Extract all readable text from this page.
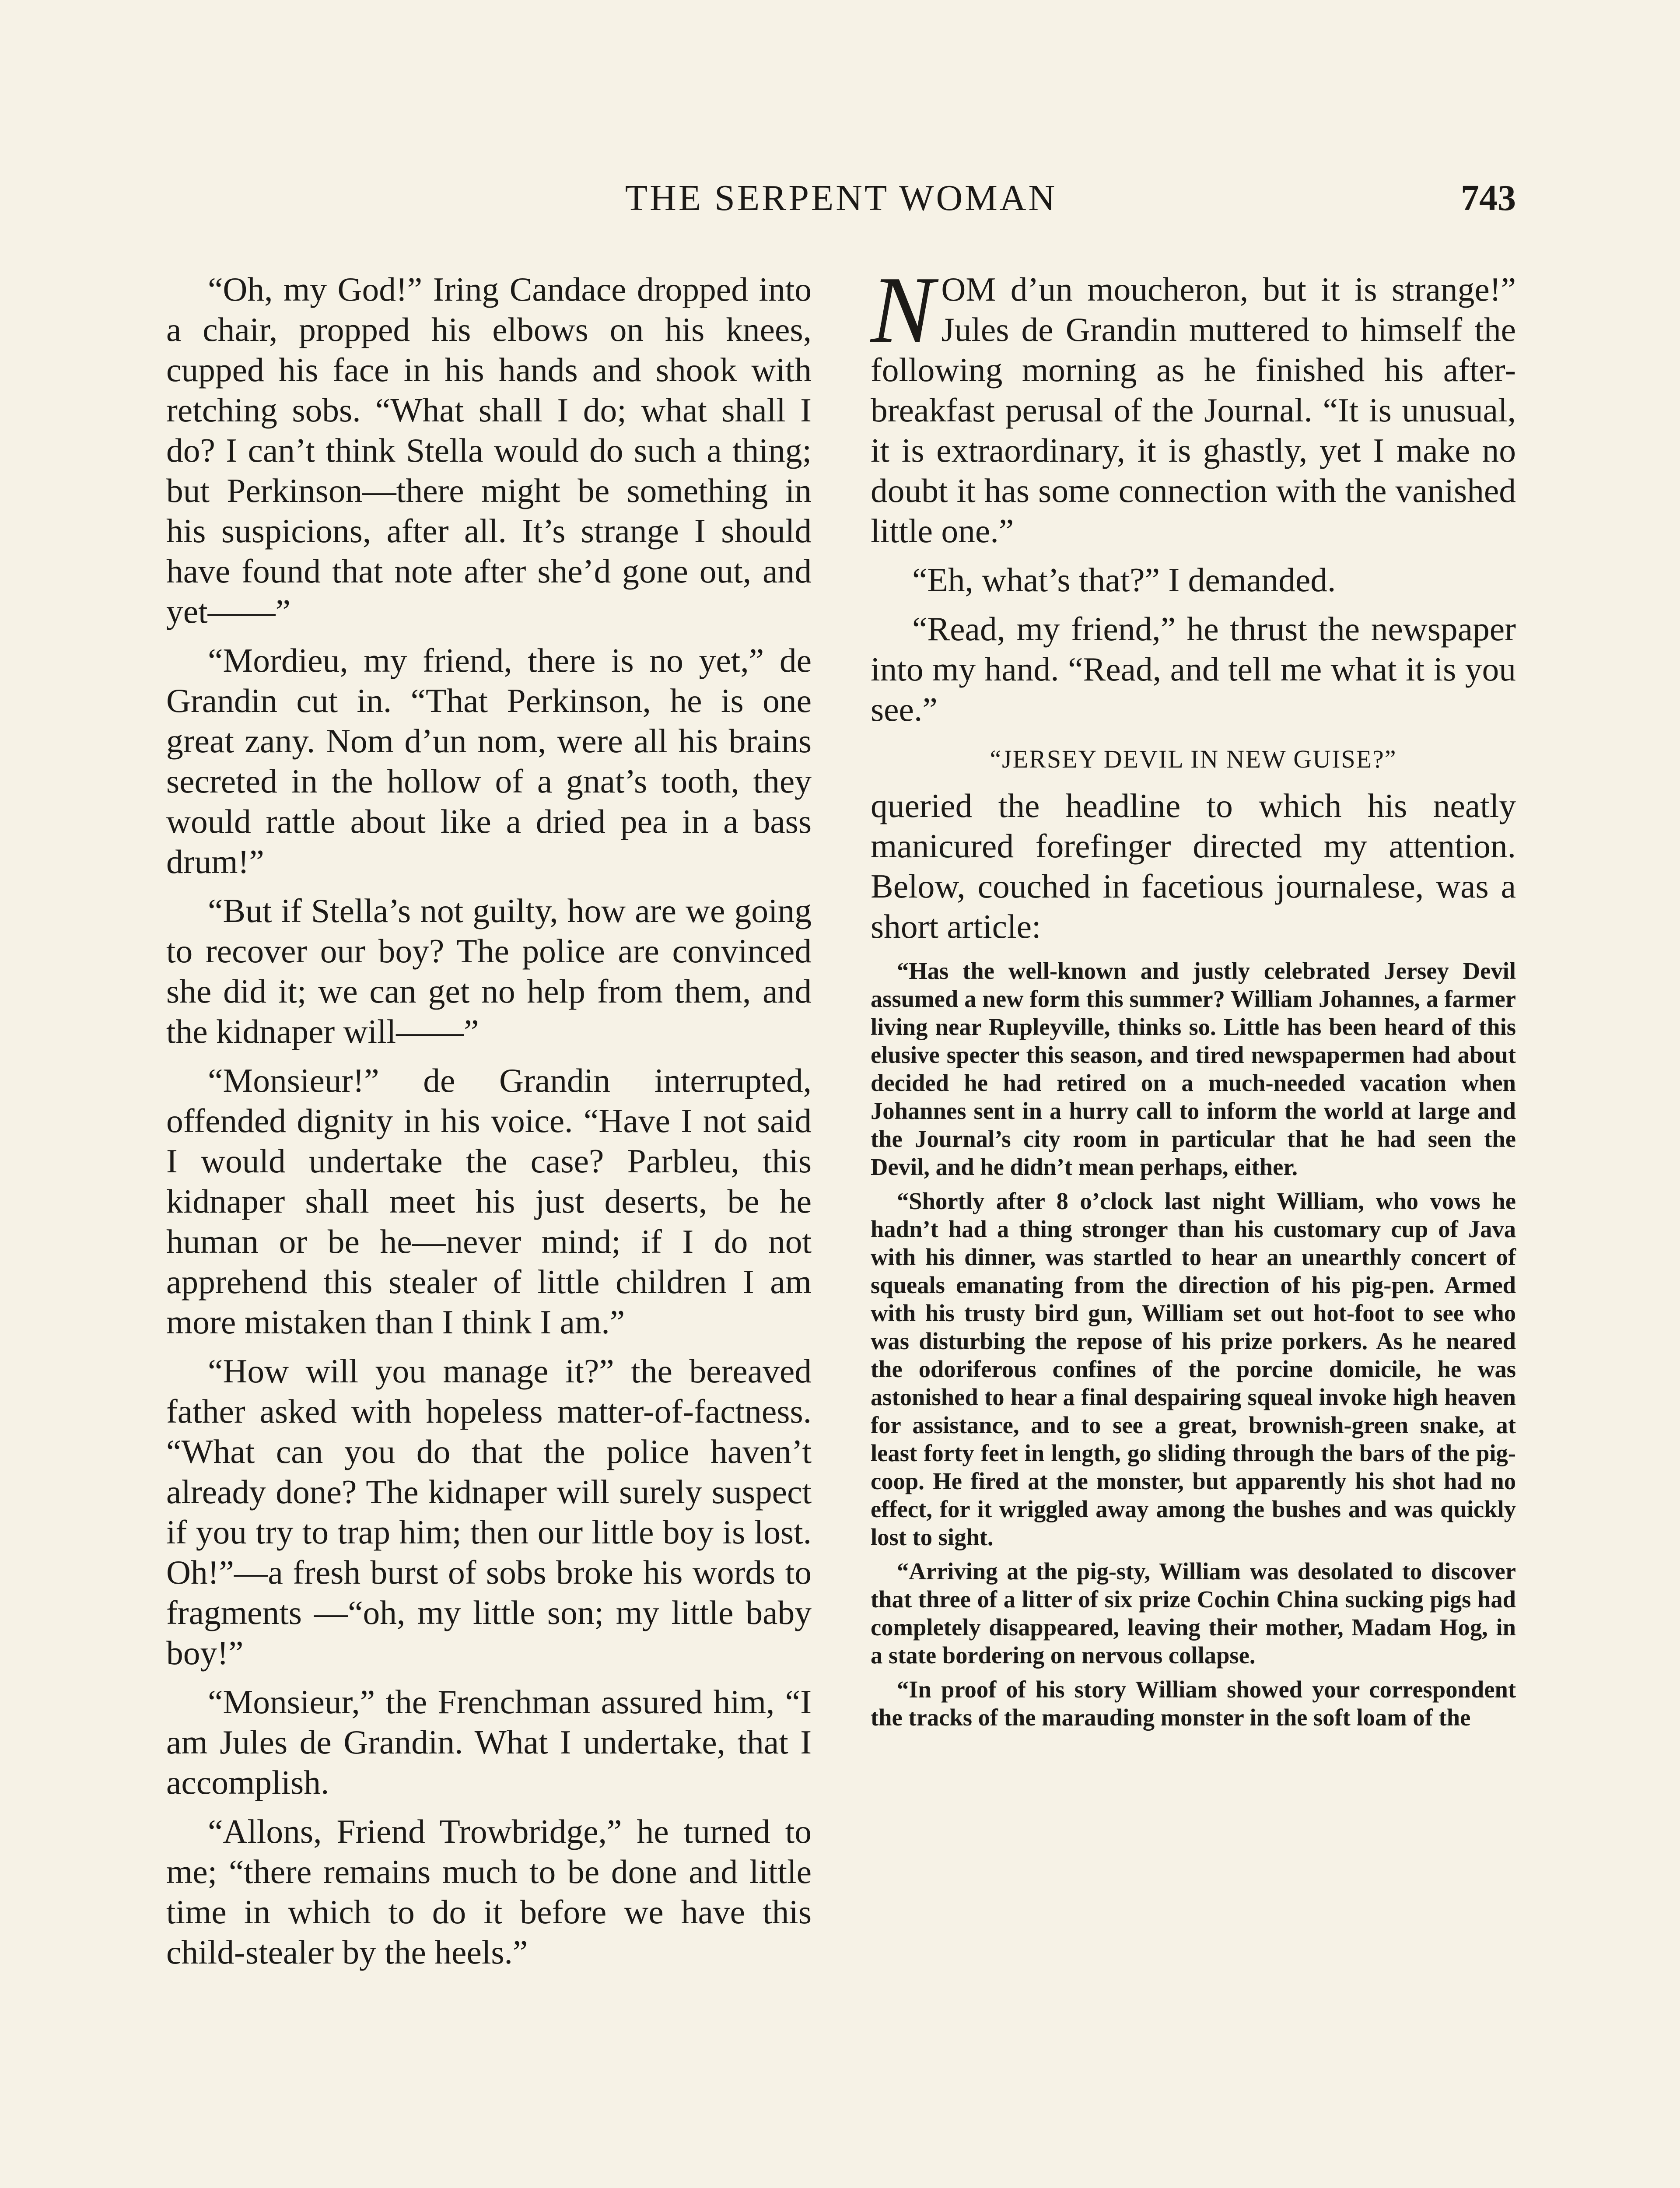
THE SERPENT WOMAN	743

“Oh, my God!” Iring Candace dropped into a chair, propped his elbows on his knees, cupped his face in his hands and shook with retching sobs. “What shall I do; what shall I do? I can’t think Stella would do such a thing; but Perkinson—there might be something in his suspicions, after all. It’s strange I should have found that note after she’d gone out, and yet——”

“Mordieu, my friend, there is no yet,” de Grandin cut in. “That Perkinson, he is one great zany. Nom d’un nom, were all his brains secreted in the hollow of a gnat’s tooth, they would rattle about like a dried pea in a bass drum!”

“But if Stella’s not guilty, how are we going to recover our boy? The police are convinced she did it; we can get no help from them, and the kidnaper will——”

“Monsieur!” de Grandin interrupted, offended dignity in his voice. “Have I not said I would undertake the case? Parbleu, this kidnaper shall meet his just deserts, be he human or be he—never mind; if I do not apprehend this stealer of little children I am more mistaken than I think I am.”

“How will you manage it?” the bereaved father asked with hopeless matter-of-factness. “What can you do that the police haven’t already done? The kidnaper will surely suspect if you try to trap him; then our little boy is lost. Oh!”—a fresh burst of sobs broke his words to fragments —“oh, my little son; my little baby boy!”

“Monsieur,” the Frenchman assured him, “I am Jules de Grandin. What I undertake, that I accomplish.

“Allons, Friend Trowbridge,” he turned to me; “there remains much to be done and little time in which to do it before we have this child-stealer by the heels.”

NOM d’un moucheron, but it is strange!” Jules de Grandin muttered to himself the following morning as he finished his after-breakfast perusal of the Journal. “It is unusual, it is extraordinary, it is ghastly, yet I make no doubt it has some connection with the vanished little one.”

“Eh, what’s that?” I demanded.

“Read, my friend,” he thrust the newspaper into my hand. “Read, and tell me what it is you see.”

“JERSEY DEVIL IN NEW GUISE?”

queried the headline to which his neatly manicured forefinger directed my attention. Below, couched in facetious journalese, was a short article:

“Has the well-known and justly celebrated Jersey Devil assumed a new form this summer? William Johannes, a farmer living near Rupleyville, thinks so. Little has been heard of this elusive specter this season, and tired newspapermen had about decided he had retired on a much-needed vacation when Johannes sent in a hurry call to inform the world at large and the Journal’s city room in particular that he had seen the Devil, and he didn’t mean perhaps, either.

“Shortly after 8 o’clock last night William, who vows he hadn’t had a thing stronger than his customary cup of Java with his dinner, was startled to hear an unearthly concert of squeals emanating from the direction of his pig-pen. Armed with his trusty bird gun, William set out hot-foot to see who was disturbing the repose of his prize porkers. As he neared the odoriferous confines of the porcine domicile, he was astonished to hear a final despairing squeal invoke high heaven for assistance, and to see a great, brownish-green snake, at least forty feet in length, go sliding through the bars of the pig-coop. He fired at the monster, but apparently his shot had no effect, for it wriggled away among the bushes and was quickly lost to sight.

“Arriving at the pig-sty, William was desolated to discover that three of a litter of six prize Cochin China sucking pigs had completely disappeared, leaving their mother, Madam Hog, in a state bordering on nervous collapse.

“In proof of his story William showed your correspondent the tracks of the marauding monster in the soft loam of the
